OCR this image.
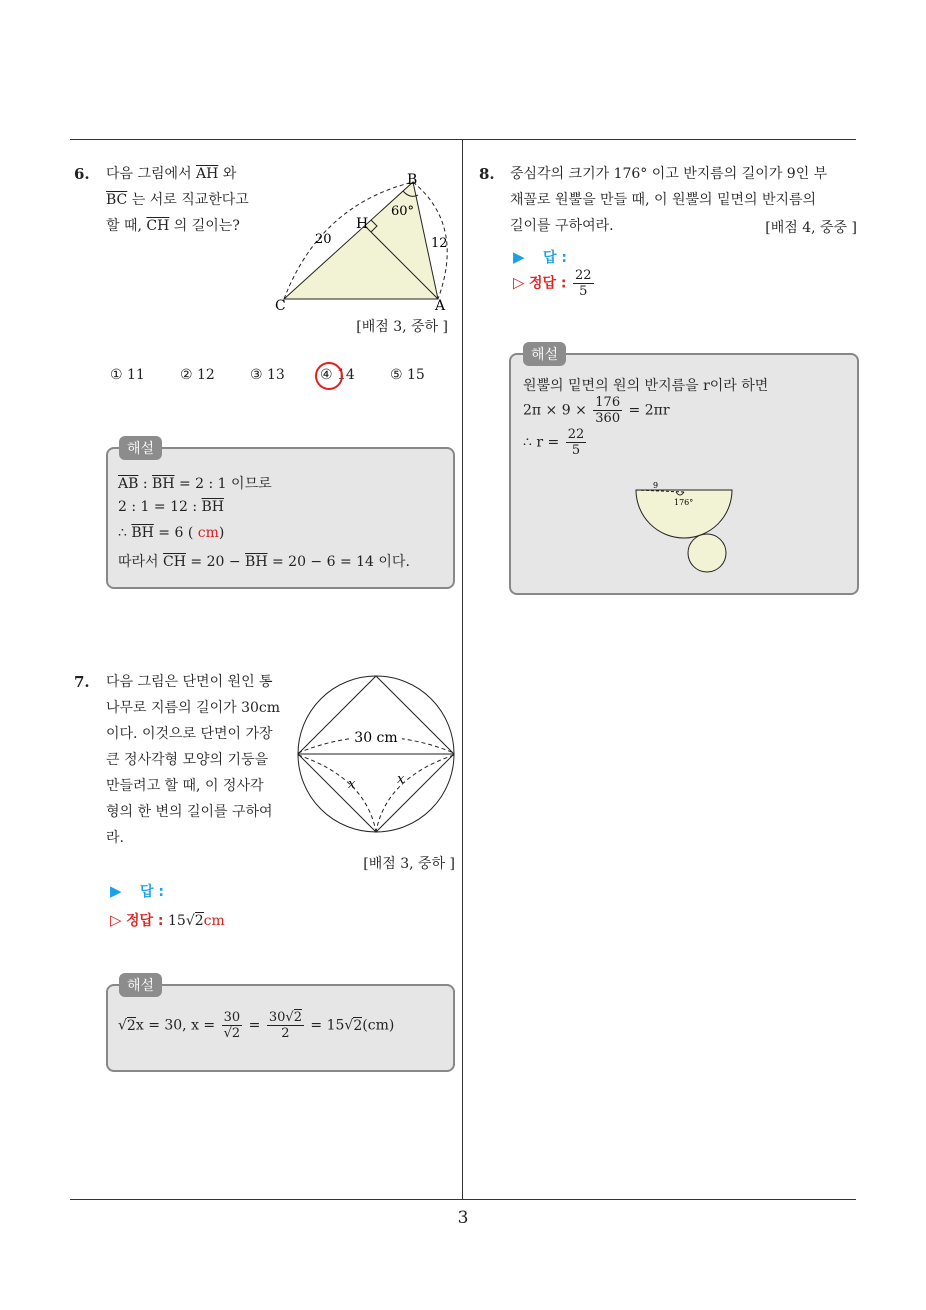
3
6. 다음 그림에서 $\overline{AH}$ 와
$\overline{BC}$ 는 서로 직교한다고
할 때, $\overline{CH}$ 의 길이는?
B
H
C	A
60°
20	12
[배점 3, 중하 ]
① 11	② 12	③ 13	④ 14	⑤ 15
$\overline{AB}$ : $\overline{BH} = 2$ : 1 이므로
2 : 1 = 12 : $\overline{BH}$
∴ $\overline{BH} = 6$ ( cm)
따라서 $\overline{CH} = 20 - \overline{BH} = 20 - 6 = 14$ 이다.
해설
7. 다음 그림은 단면이 원인 통
나무로 지름의 길이가 30cm
이다. 이것으로 단면이 가장
큰 정사각형 모양의 기둥을
만들려고 할 때, 이 정사각
형의 한 변의 길이를 구하여
라.
30 cm
x	x
[배점 3, 중하 ]
▶ 답 :
▷ 정답 : 15√2cm
√2x = 30, $x = \frac{30}{√2} = \frac{30√2}{2} = 15√2(cm)$
해설
8. 중심각의 크기가 176° 이고 반지름의 길이가 9인 부
채꼴로 원뿔을 만들 때, 이 원뿔의 밑면의 반지름의
길이를 구하여라.	[배점 4, 중중 ]
▶ 답 :
▷ 정답 : $\frac{22}{5}$
원뿔의 밑면의 원의 반지름을 r이라 하면
$2\pi \times 9 \times \frac{176}{360} = 2\pi r$
∴ $r = \frac{22}{5}$
9
176°
해설
